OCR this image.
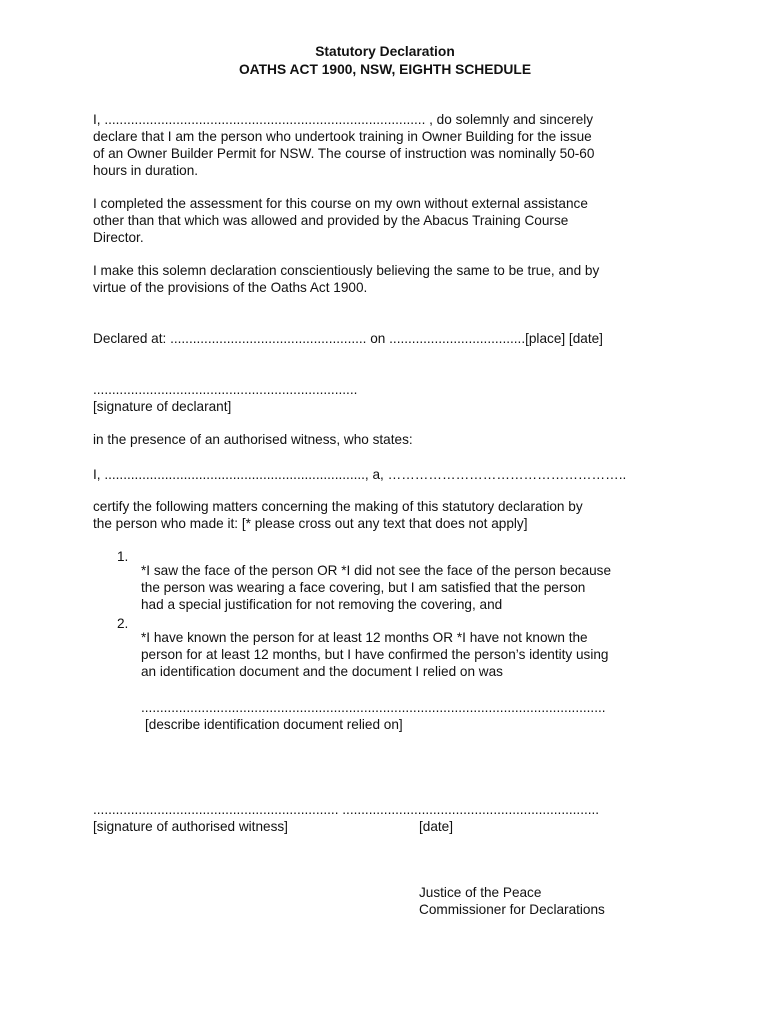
Statutory Declaration

OATHS ACT 1900, NSW, EIGHTH SCHEDULE

I, ..................................................................................... , do solemnly and sincerely

declare that I am the person who undertook training in Owner Building for the issue

of an Owner Builder Permit for NSW. The course of instruction was nominally 50-60

hours in duration.

I completed the assessment for this course on my own without external assistance

other than that which was allowed and provided by the Abacus Training Course

Director.

I make this solemn declaration conscientiously believing the same to be true, and by

virtue of the provisions of the Oaths Act 1900.

Declared at: .................................................... on ....................................[place] [date]

......................................................................

[signature of declarant]

in the presence of an authorised witness, who states:

I, ....................................................................., a, ……………………………………………..

certify the following matters concerning the making of this statutory declaration by

the person who made it: [* please cross out any text that does not apply]

1.

*I saw the face of the person OR *I did not see the face of the person because

the person was wearing a face covering, but I am satisfied that the person

had a special justification for not removing the covering, and

2.

*I have known the person for at least 12 months OR *I have not known the

person for at least 12 months, but I have confirmed the person’s identity using

an identification document and the document I relied on was

...........................................................................................................................

[describe identification document relied on]

................................................................. ....................................................................

[signature of authorised witness]	[date]

Justice of the Peace

Commissioner for Declarations
